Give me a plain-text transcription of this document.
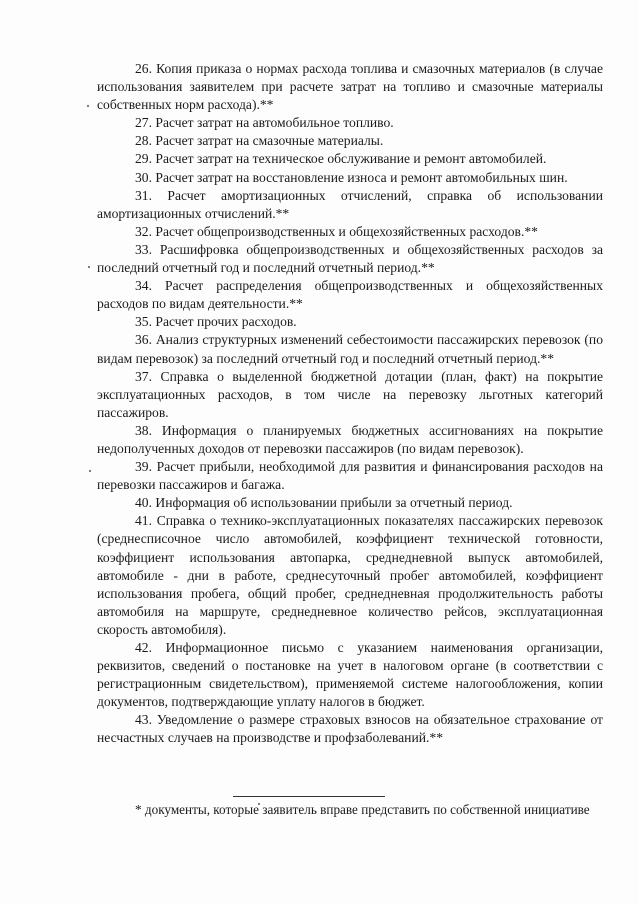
26. Копия приказа о нормах расхода топлива и смазочных материалов (в случае использования заявителем при расчете затрат на топливо и смазочные материалы собственных норм расхода).**

27. Расчет затрат на автомобильное топливо.

28. Расчет затрат на смазочные материалы.

29. Расчет затрат на техническое обслуживание и ремонт автомобилей.

30. Расчет затрат на восстановление износа и ремонт автомобильных шин.

31. Расчет амортизационных отчислений, справка об использовании амортизационных отчислений.**

32. Расчет общепроизводственных и общехозяйственных расходов.**

33. Расшифровка общепроизводственных и общехозяйственных расходов за последний отчетный год и последний отчетный период.**

34. Расчет распределения общепроизводственных и общехозяйственных расходов по видам деятельности.**

35. Расчет прочих расходов.

36. Анализ структурных изменений себестоимости пассажирских перевозок (по видам перевозок) за последний отчетный год и последний отчетный период.**

37. Справка о выделенной бюджетной дотации (план, факт) на покрытие эксплуатационных расходов, в том числе на перевозку льготных категорий пассажиров.

38. Информация о планируемых бюджетных ассигнованиях на покрытие недополученных доходов от перевозки пассажиров (по видам перевозок).

39. Расчет прибыли, необходимой для развития и финансирования расходов на перевозки пассажиров и багажа.

40. Информация об использовании прибыли за отчетный период.

41. Справка о технико-эксплуатационных показателях пассажирских перевозок (среднесписочное число автомобилей, коэффициент технической готовности, коэффициент использования автопарка, среднедневной выпуск автомобилей, автомобиле - дни в работе, среднесуточный пробег автомобилей, коэффициент использования пробега, общий пробег, среднедневная продолжительность работы автомобиля на маршруте, среднедневное количество рейсов, эксплуатационная скорость автомобиля).

42. Информационное письмо с указанием наименования организации, реквизитов, сведений о постановке на учет в налоговом органе (в соответствии с регистрационным свидетельством), применяемой системе налогообложения, копии документов, подтверждающие уплату налогов в бюджет.

43. Уведомление о размере страховых взносов на обязательное страхование от несчастных случаев на производстве и профзаболеваний.**

* документы, которые заявитель вправе представить по собственной инициативе
